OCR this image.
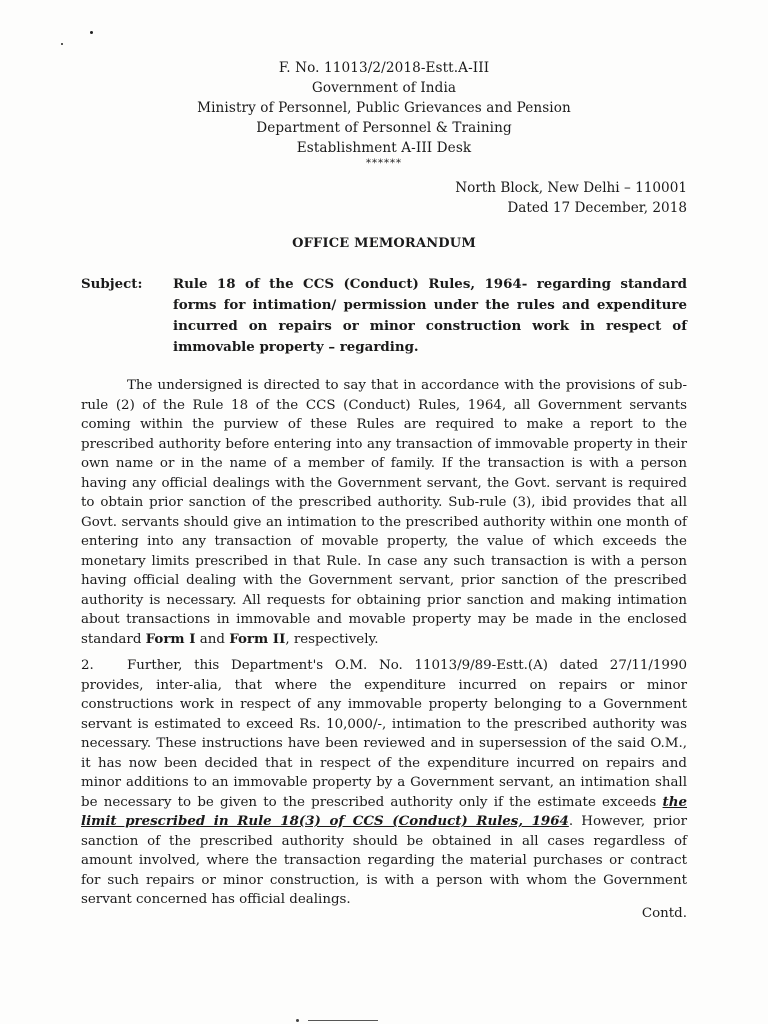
F. No. 11013/2/2018-Estt.A-III
Government of India
Ministry of Personnel, Public Grievances and Pension
Department of Personnel & Training
Establishment A-III Desk
******
North Block, New Delhi – 110001
Dated 17 December, 2018
OFFICE MEMORANDUM
Subject: Rule 18 of the CCS (Conduct) Rules, 1964- regarding standard forms for intimation/ permission under the rules and expenditure incurred on repairs or minor construction work in respect of immovable property – regarding.
The undersigned is directed to say that in accordance with the provisions of sub-rule (2) of the Rule 18 of the CCS (Conduct) Rules, 1964, all Government servants coming within the purview of these Rules are required to make a report to the prescribed authority before entering into any transaction of immovable property in their own name or in the name of a member of family. If the transaction is with a person having any official dealings with the Government servant, the Govt. servant is required to obtain prior sanction of the prescribed authority. Sub-rule (3), ibid provides that all Govt. servants should give an intimation to the prescribed authority within one month of entering into any transaction of movable property, the value of which exceeds the monetary limits prescribed in that Rule. In case any such transaction is with a person having official dealing with the Government servant, prior sanction of the prescribed authority is necessary. All requests for obtaining prior sanction and making intimation about transactions in immovable and movable property may be made in the enclosed standard Form I and Form II, respectively.
2. Further, this Department's O.M. No. 11013/9/89-Estt.(A) dated 27/11/1990 provides, inter-alia, that where the expenditure incurred on repairs or minor constructions work in respect of any immovable property belonging to a Government servant is estimated to exceed Rs. 10,000/-, intimation to the prescribed authority was necessary. These instructions have been reviewed and in supersession of the said O.M., it has now been decided that in respect of the expenditure incurred on repairs and minor additions to an immovable property by a Government servant, an intimation shall be necessary to be given to the prescribed authority only if the estimate exceeds the limit prescribed in Rule 18(3) of CCS (Conduct) Rules, 1964. However, prior sanction of the prescribed authority should be obtained in all cases regardless of amount involved, where the transaction regarding the material purchases or contract for such repairs or minor construction, is with a person with whom the Government servant concerned has official dealings.
Contd.
